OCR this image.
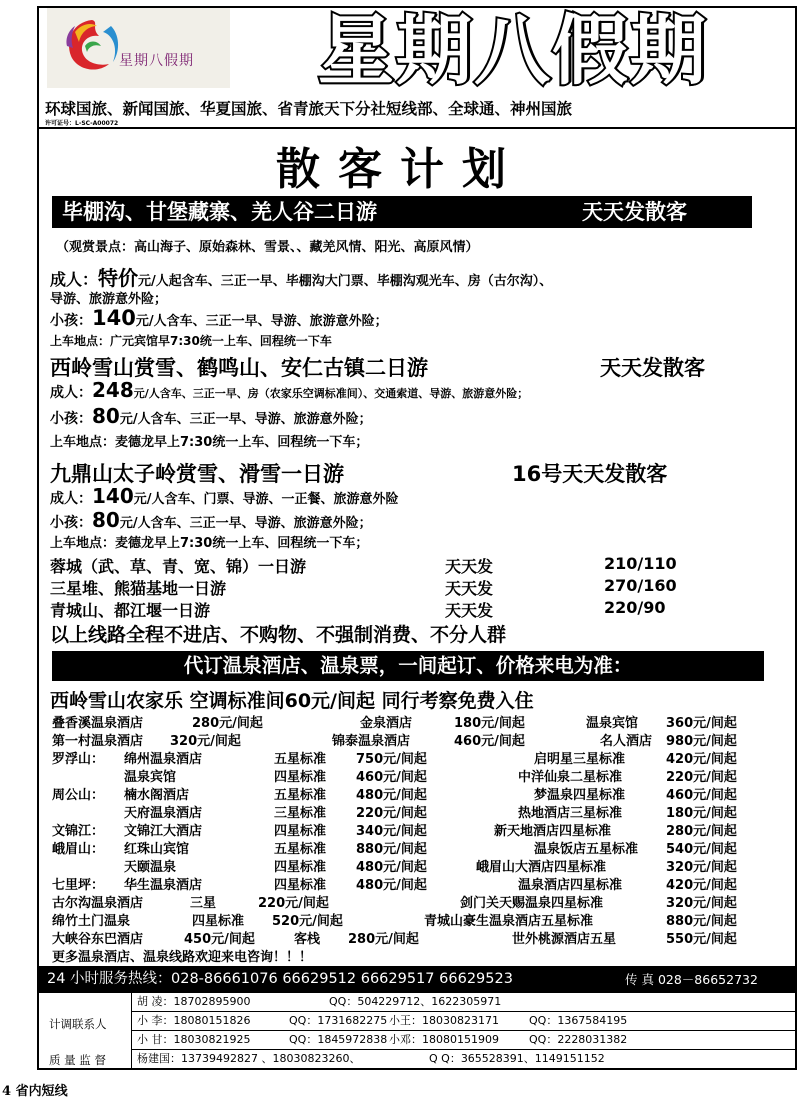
星期八假期	星期八假期
环球国旅、新闻国旅、华夏国旅、省青旅天下分社短线部、全球通、神州国旅
许可证号：L-SC-A00072
散客计划
毕棚沟、甘堡藏寨、羌人谷二日游	天天发散客
（观赏景点：高山海子、原始森林、雪景、、藏羌风情、阳光、高原风情）
成人：特价元/人起含车、三正一早、毕棚沟大门票、毕棚沟观光车、房（古尔沟）、
导游、旅游意外险；
小孩：140元/人含车、三正一早、导游、旅游意外险；
上车地点：广元宾馆早7:30统一上车、回程统一下车
西岭雪山赏雪、鹤鸣山、安仁古镇二日游	天天发散客
成人：248元/人含车、三正一早、房（农家乐空调标准间）、交通索道、导游、旅游意外险；
小孩：80元/人含车、三正一早、导游、旅游意外险；
上车地点：麦德龙早上7:30统一上车、回程统一下车；
九鼎山太子岭赏雪、滑雪一日游	16号天天发散客
成人：140元/人含车、门票、导游、一正餐、旅游意外险
小孩：80元/人含车、三正一早、导游、旅游意外险；
上车地点：麦德龙早上7:30统一上车、回程统一下车；
蓉城（武、草、青、宽、锦）一日游	天天发	210/110
三星堆、熊猫基地一日游	天天发	270/160
青城山、都江堰一日游	天天发	220/90
以上线路全程不进店、不购物、不强制消费、不分人群
代订温泉酒店、温泉票，一间起订、价格来电为准：
西岭雪山农家乐 空调标准间60元/间起 同行考察免费入住
叠香溪温泉酒店	280元/间起	金泉酒店	180元/间起	温泉宾馆 360元/间起
第一村温泉酒店 320元/间起	锦泰温泉酒店	460元/间起	名人酒店 980元/间起
罗浮山： 绵州温泉酒店	五星标准 750元/间起	启明星三星标准	420元/间起
温泉宾馆	四星标准 460元/间起	中洋仙泉二星标准	220元/间起
周公山： 楠水阁酒店	五星标准 480元/间起	梦温泉四星标准	460元/间起
天府温泉酒店	三星标准 220元/间起	热地酒店三星标准	180元/间起
文锦江： 文锦江大酒店	四星标准 340元/间起	新天地酒店四星标准	280元/间起
峨眉山： 红珠山宾馆	五星标准 880元/间起	温泉饭店五星标准 540元/间起
天颐温泉	四星标准 480元/间起	峨眉山大酒店四星标准	320元/间起
七里坪： 华生温泉酒店	四星标准 480元/间起	温泉酒店四星标准	420元/间起
古尔沟温泉酒店	三星	220元/间起	剑门关天赐温泉四星标准	320元/间起
绵竹土门温泉	四星标准 520元/间起	青城山豪生温泉酒店五星标准	880元/间起
大峡谷东巴酒店	450元/间起	客栈 280元/间起	世外桃源酒店五星	550元/间起
更多温泉酒店、温泉线路欢迎来电咨询！！！
24 小时服务热线： 028-86661076 66629512 66629517 66629523	传 真 028－86652732
计调联系人
质 量 监 督
胡 凌：18702895900	QQ：504229712、1622305971
小 李：18080151826	QQ：1731682275 小王：18030823171	QQ：1367584195
小 甘：18030821925	QQ：1845972838 小邓：18080151909	QQ：2228031382
杨建国：13739492827 、18030823260、	Q Q：365528391、1149151152
4 省内短线
